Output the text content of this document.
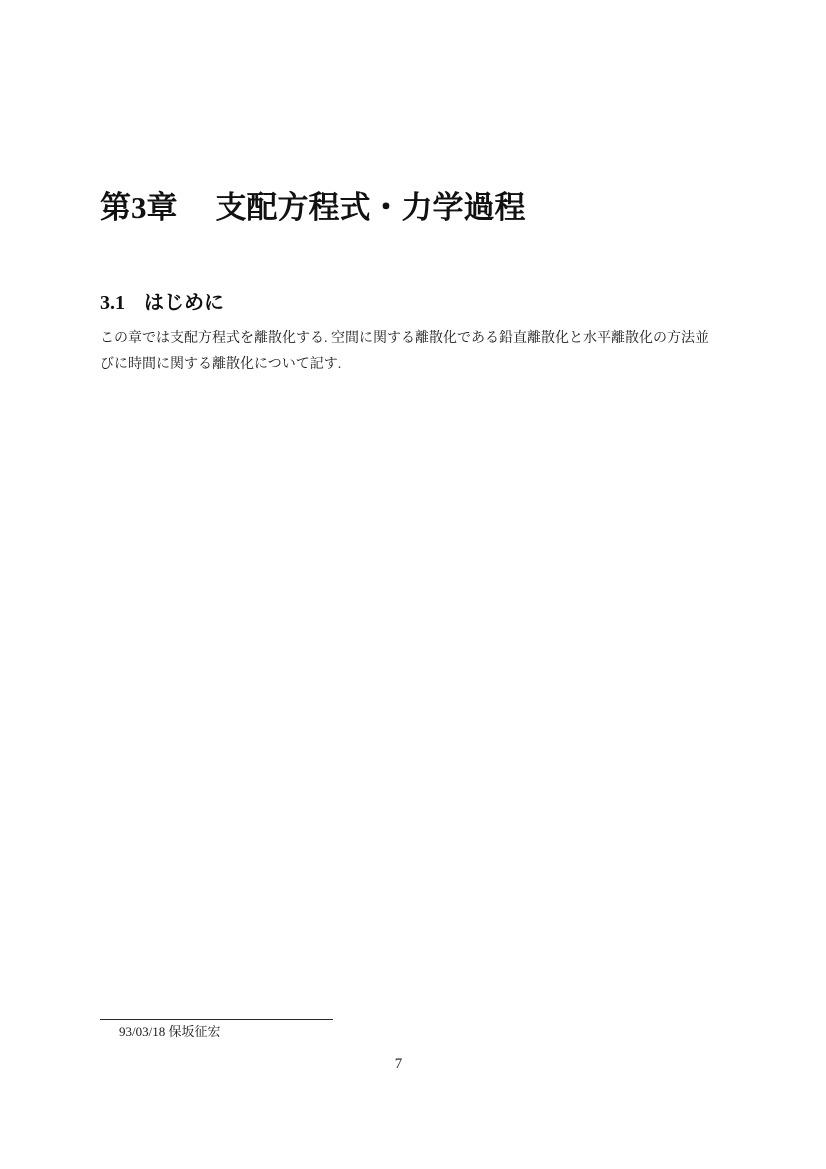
第3章 支配方程式・力学過程
3.1 はじめに

この章では支配方程式を離散化する. 空間に関する離散化である鉛直離散化と水平離散化の方法並
びに時間に関する離散化について記す.

93/03/18 保坂征宏
7
